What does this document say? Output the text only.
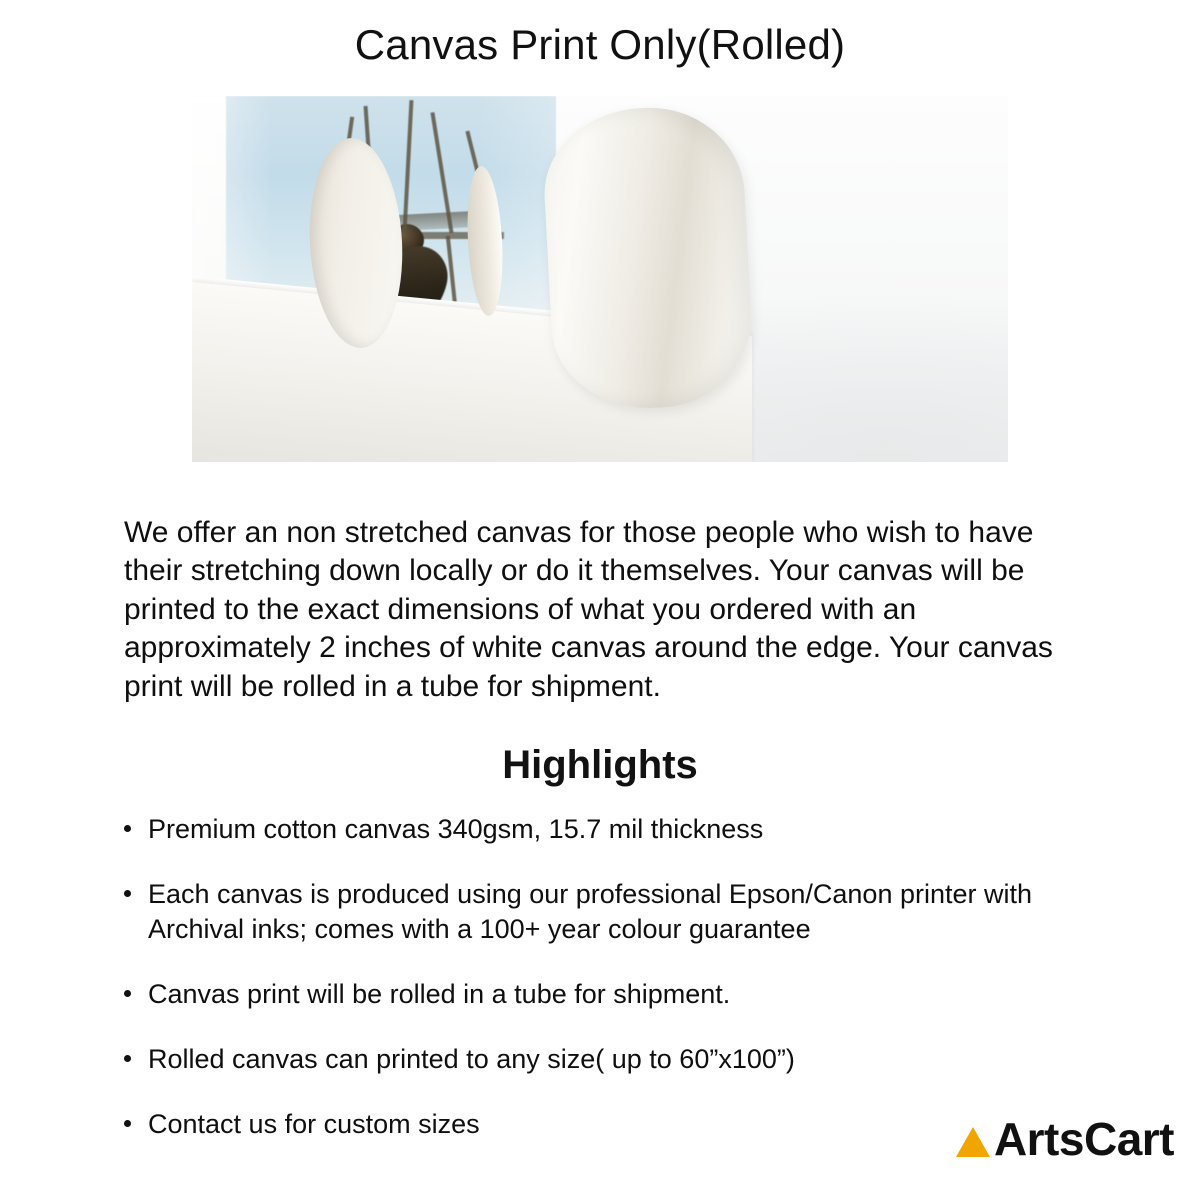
Canvas Print Only(Rolled)

We offer an non stretched canvas for those people who wish to have their stretching down locally or do it themselves. Your canvas will be printed to the exact dimensions of what you ordered with an approximately 2 inches of white canvas around the edge. Your canvas print will be rolled in a tube for shipment.

Highlights
Premium cotton canvas 340gsm, 15.7 mil thickness
Each canvas is produced using our professional Epson/Canon printer with Archival inks; comes with a 100+ year colour guarantee
Canvas print will be rolled in a tube for shipment.
Rolled canvas can printed to any size( up to 60”x100”)
Contact us for custom sizes	Arts Cart
